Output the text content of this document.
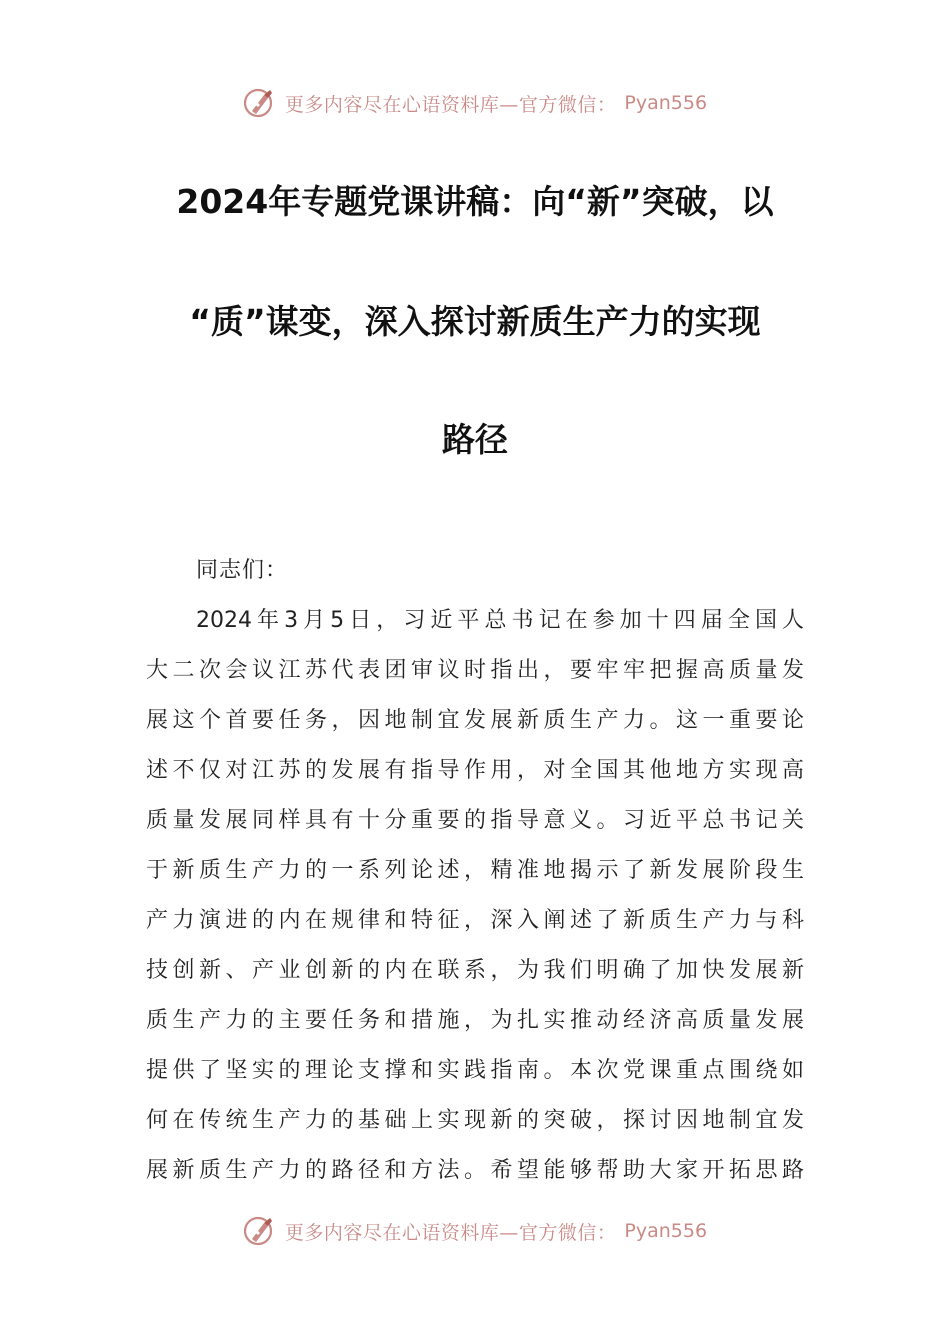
更多内容尽在心语资料库—官方微信： Pyan556
2024年专题党课讲稿：向“新”突破，以
“质”谋变，深入探讨新质生产力的实现
路径
同志们：
2024年3月5日，习近平总书记在参加十四届全国人
大二次会议江苏代表团审议时指出，要牢牢把握高质量发
展这个首要任务，因地制宜发展新质生产力。这一重要论
述不仅对江苏的发展有指导作用，对全国其他地方实现高
质量发展同样具有十分重要的指导意义。习近平总书记关
于新质生产力的一系列论述，精准地揭示了新发展阶段生
产力演进的内在规律和特征，深入阐述了新质生产力与科
技创新、产业创新的内在联系，为我们明确了加快发展新
质生产力的主要任务和措施，为扎实推动经济高质量发展
提供了坚实的理论支撑和实践指南。本次党课重点围绕如
何在传统生产力的基础上实现新的突破，探讨因地制宜发
展新质生产力的路径和方法。希望能够帮助大家开拓思路
更多内容尽在心语资料库—官方微信： Pyan556
